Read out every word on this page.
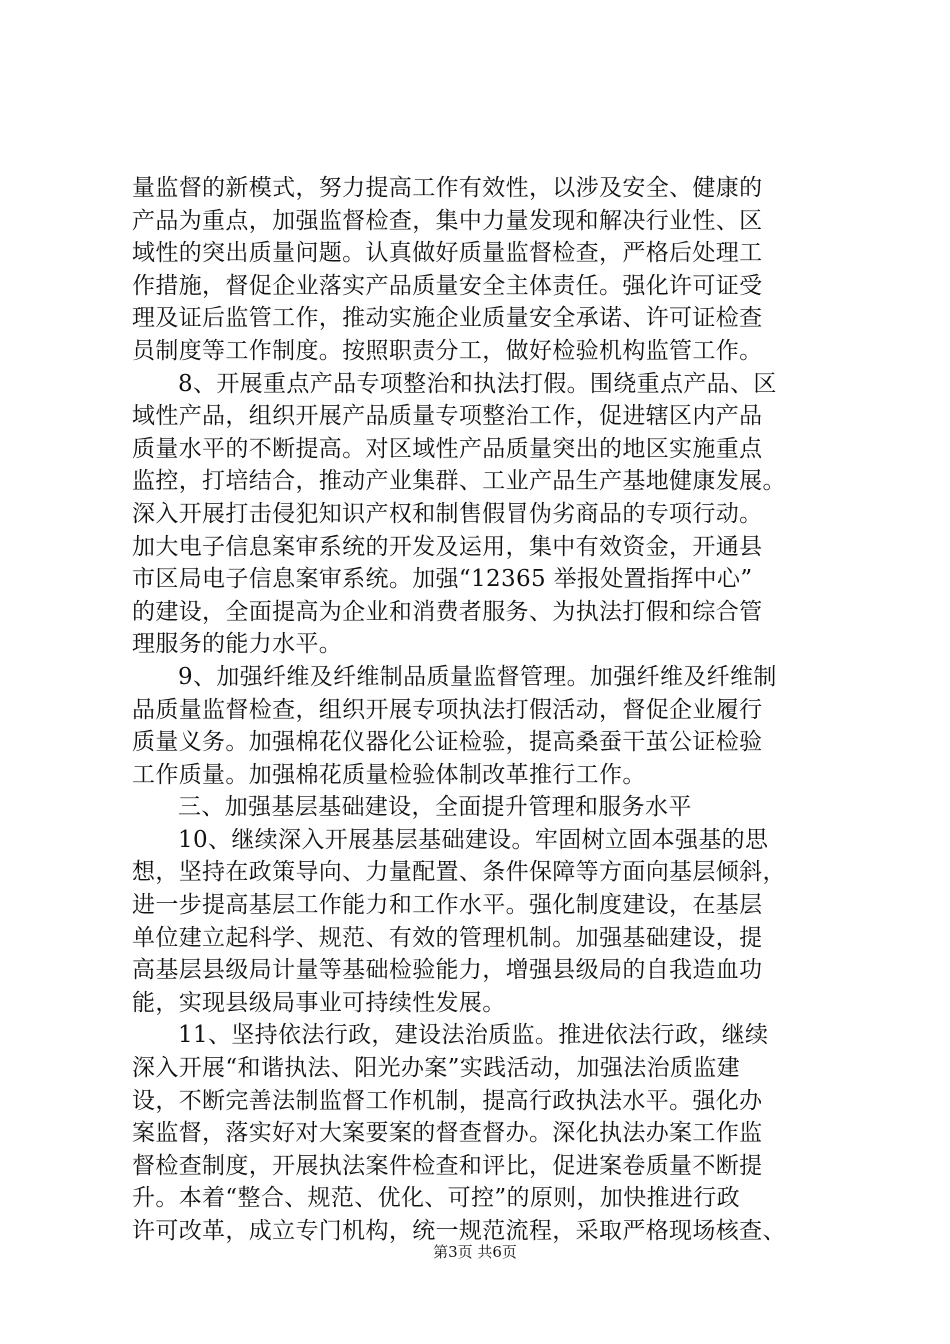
量监督的新模式，努力提高工作有效性，以涉及安全、健康的
产品为重点，加强监督检查，集中力量发现和解决行业性、区
域性的突出质量问题。认真做好质量监督检查，严格后处理工
作措施，督促企业落实产品质量安全主体责任。强化许可证受
理及证后监管工作，推动实施企业质量安全承诺、许可证检查
员制度等工作制度。按照职责分工，做好检验机构监管工作。
8、开展重点产品专项整治和执法打假。围绕重点产品、区
域性产品，组织开展产品质量专项整治工作，促进辖区内产品
质量水平的不断提高。对区域性产品质量突出的地区实施重点
监控，打培结合，推动产业集群、工业产品生产基地健康发展。
深入开展打击侵犯知识产权和制售假冒伪劣商品的专项行动。
加大电子信息案审系统的开发及运用，集中有效资金，开通县
市区局电子信息案审系统。加强“12365 举报处置指挥中心”
的建设，全面提高为企业和消费者服务、为执法打假和综合管
理服务的能力水平。
9、加强纤维及纤维制品质量监督管理。加强纤维及纤维制
品质量监督检查，组织开展专项执法打假活动，督促企业履行
质量义务。加强棉花仪器化公证检验，提高桑蚕干茧公证检验
工作质量。加强棉花质量检验体制改革推行工作。
三、加强基层基础建设，全面提升管理和服务水平
10、继续深入开展基层基础建设。牢固树立固本强基的思
想，坚持在政策导向、力量配置、条件保障等方面向基层倾斜，
进一步提高基层工作能力和工作水平。强化制度建设，在基层
单位建立起科学、规范、有效的管理机制。加强基础建设，提
高基层县级局计量等基础检验能力，增强县级局的自我造血功
能，实现县级局事业可持续性发展。
11、坚持依法行政，建设法治质监。推进依法行政，继续
深入开展“和谐执法、阳光办案”实践活动，加强法治质监建
设，不断完善法制监督工作机制，提高行政执法水平。强化办
案监督，落实好对大案要案的督查督办。深化执法办案工作监
督检查制度，开展执法案件检查和评比，促进案卷质量不断提
升。本着“整合、规范、优化、可控”的原则，加快推进行政
许可改革，成立专门机构，统一规范流程，采取严格现场核查、
第3页 共6页
